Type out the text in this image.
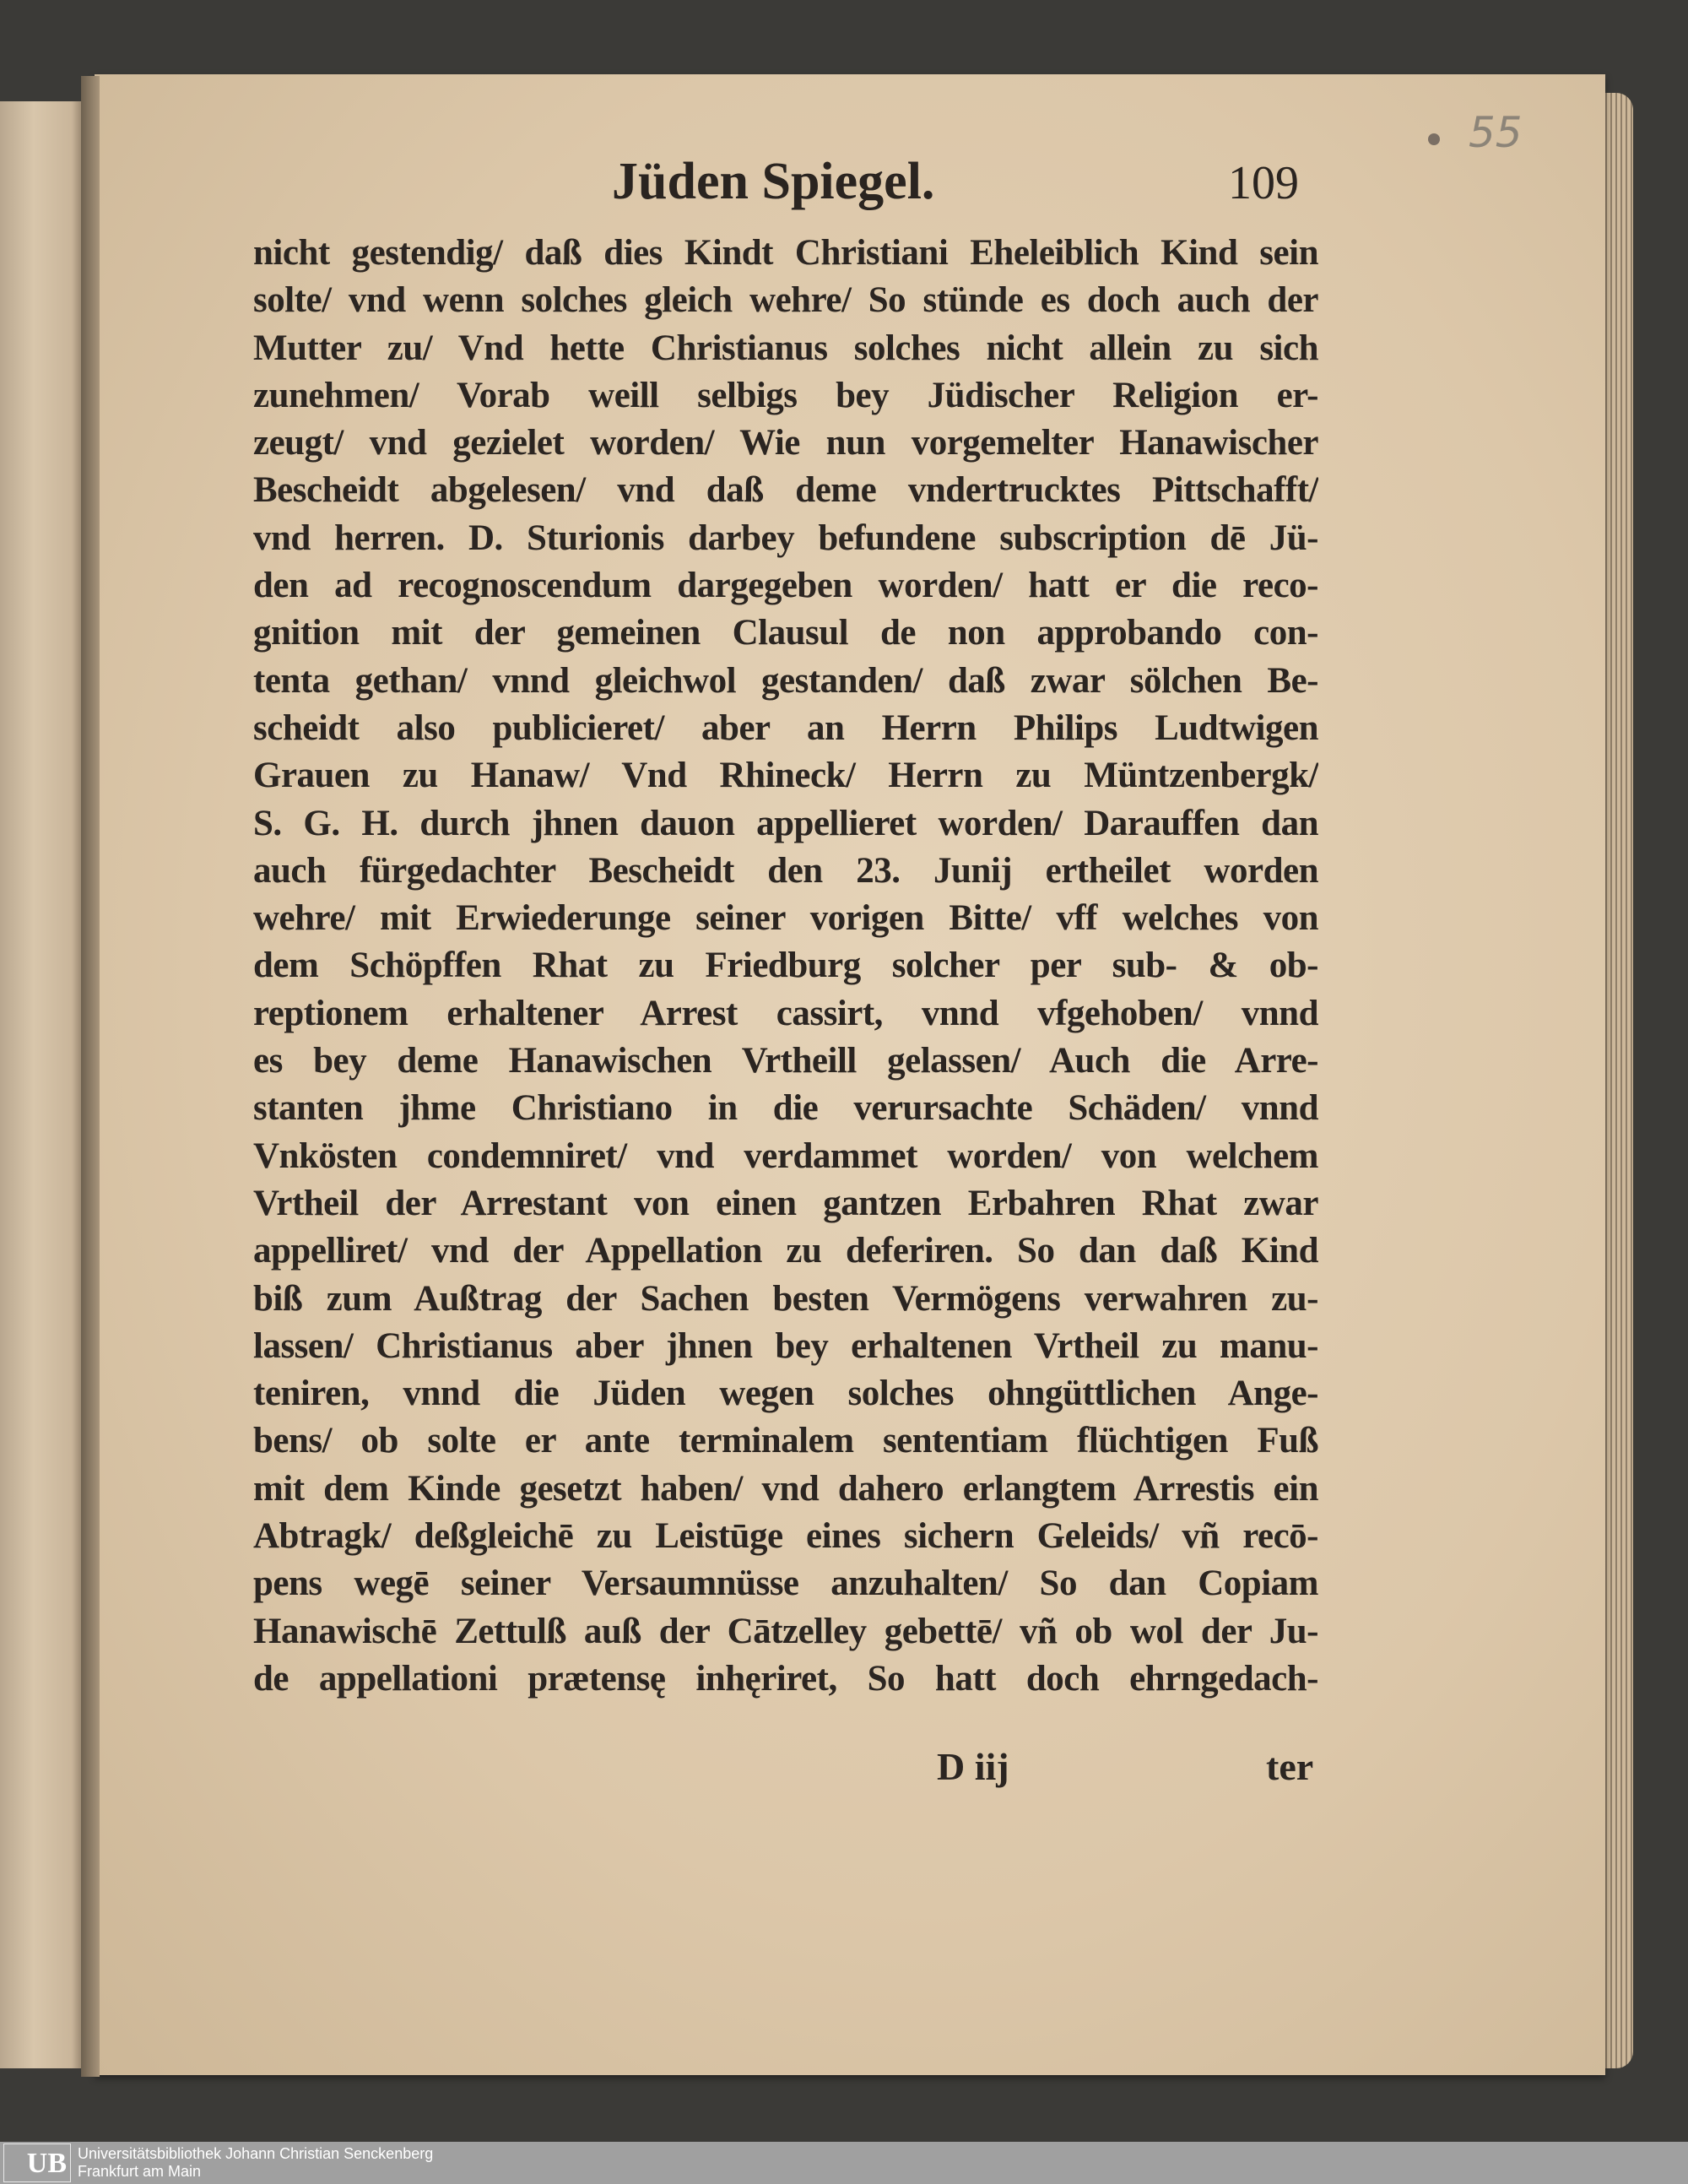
55
Jüden Spiegel.	109
nicht gestendig/ daß dies Kindt Christiani Eheleiblich Kind sein
solte/ vnd wenn solches gleich wehre/ So stünde es doch auch der
Mutter zu/ Vnd hette Christianus solches nicht allein zu sich
zunehmen/ Vorab weill selbigs bey Jüdischer Religion er-
zeugt/ vnd gezielet worden/ Wie nun vorgemelter Hanawischer
Bescheidt abgelesen/ vnd daß deme vndertrucktes Pittschafft/
vnd herren. D. Sturionis darbey befundene subscription dē Jü-
den ad recognoscendum dargegeben worden/ hatt er die reco-
gnition mit der gemeinen Clausul de non approbando con-
tenta gethan/ vnnd gleichwol gestanden/ daß zwar sölchen Be-
scheidt also publicieret/ aber an Herrn Philips Ludtwigen
Grauen zu Hanaw/ Vnd Rhineck/ Herrn zu Müntzenbergk/
S. G. H. durch jhnen dauon appellieret worden/ Darauffen dan
auch fürgedachter Bescheidt den 23. Junij ertheilet worden
wehre/ mit Erwiederunge seiner vorigen Bitte/ vff welches von
dem Schöpffen Rhat zu Friedburg solcher per sub- & ob-
reptionem erhaltener Arrest cassirt, vnnd vfgehoben/ vnnd
es bey deme Hanawischen Vrtheill gelassen/ Auch die Arre-
stanten jhme Christiano in die verursachte Schäden/ vnnd
Vnkösten condemniret/ vnd verdammet worden/ von welchem
Vrtheil der Arrestant von einen gantzen Erbahren Rhat zwar
appelliret/ vnd der Appellation zu deferiren. So dan daß Kind
biß zum Außtrag der Sachen besten Vermögens verwahren zu-
lassen/ Christianus aber jhnen bey erhaltenen Vrtheil zu manu-
teniren, vnnd die Jüden wegen solches ohngüttlichen Ange-
bens/ ob solte er ante terminalem sententiam flüchtigen Fuß
mit dem Kinde gesetzt haben/ vnd dahero erlangtem Arrestis ein
Abtragk/ deßgleichē zu Leistūge eines sichern Geleids/ vñ recō-
pens wegē seiner Versaumnüsse anzuhalten/ So dan Copiam
Hanawischē Zettulß auß der Cātzelley gebettē/ vñ ob wol der Ju-
de appellationi prætensę inhęriret, So hatt doch ehrngedach-
D iij	ter
UB Universitätsbibliothek Johann Christian Senckenberg
Frankfurt am Main
